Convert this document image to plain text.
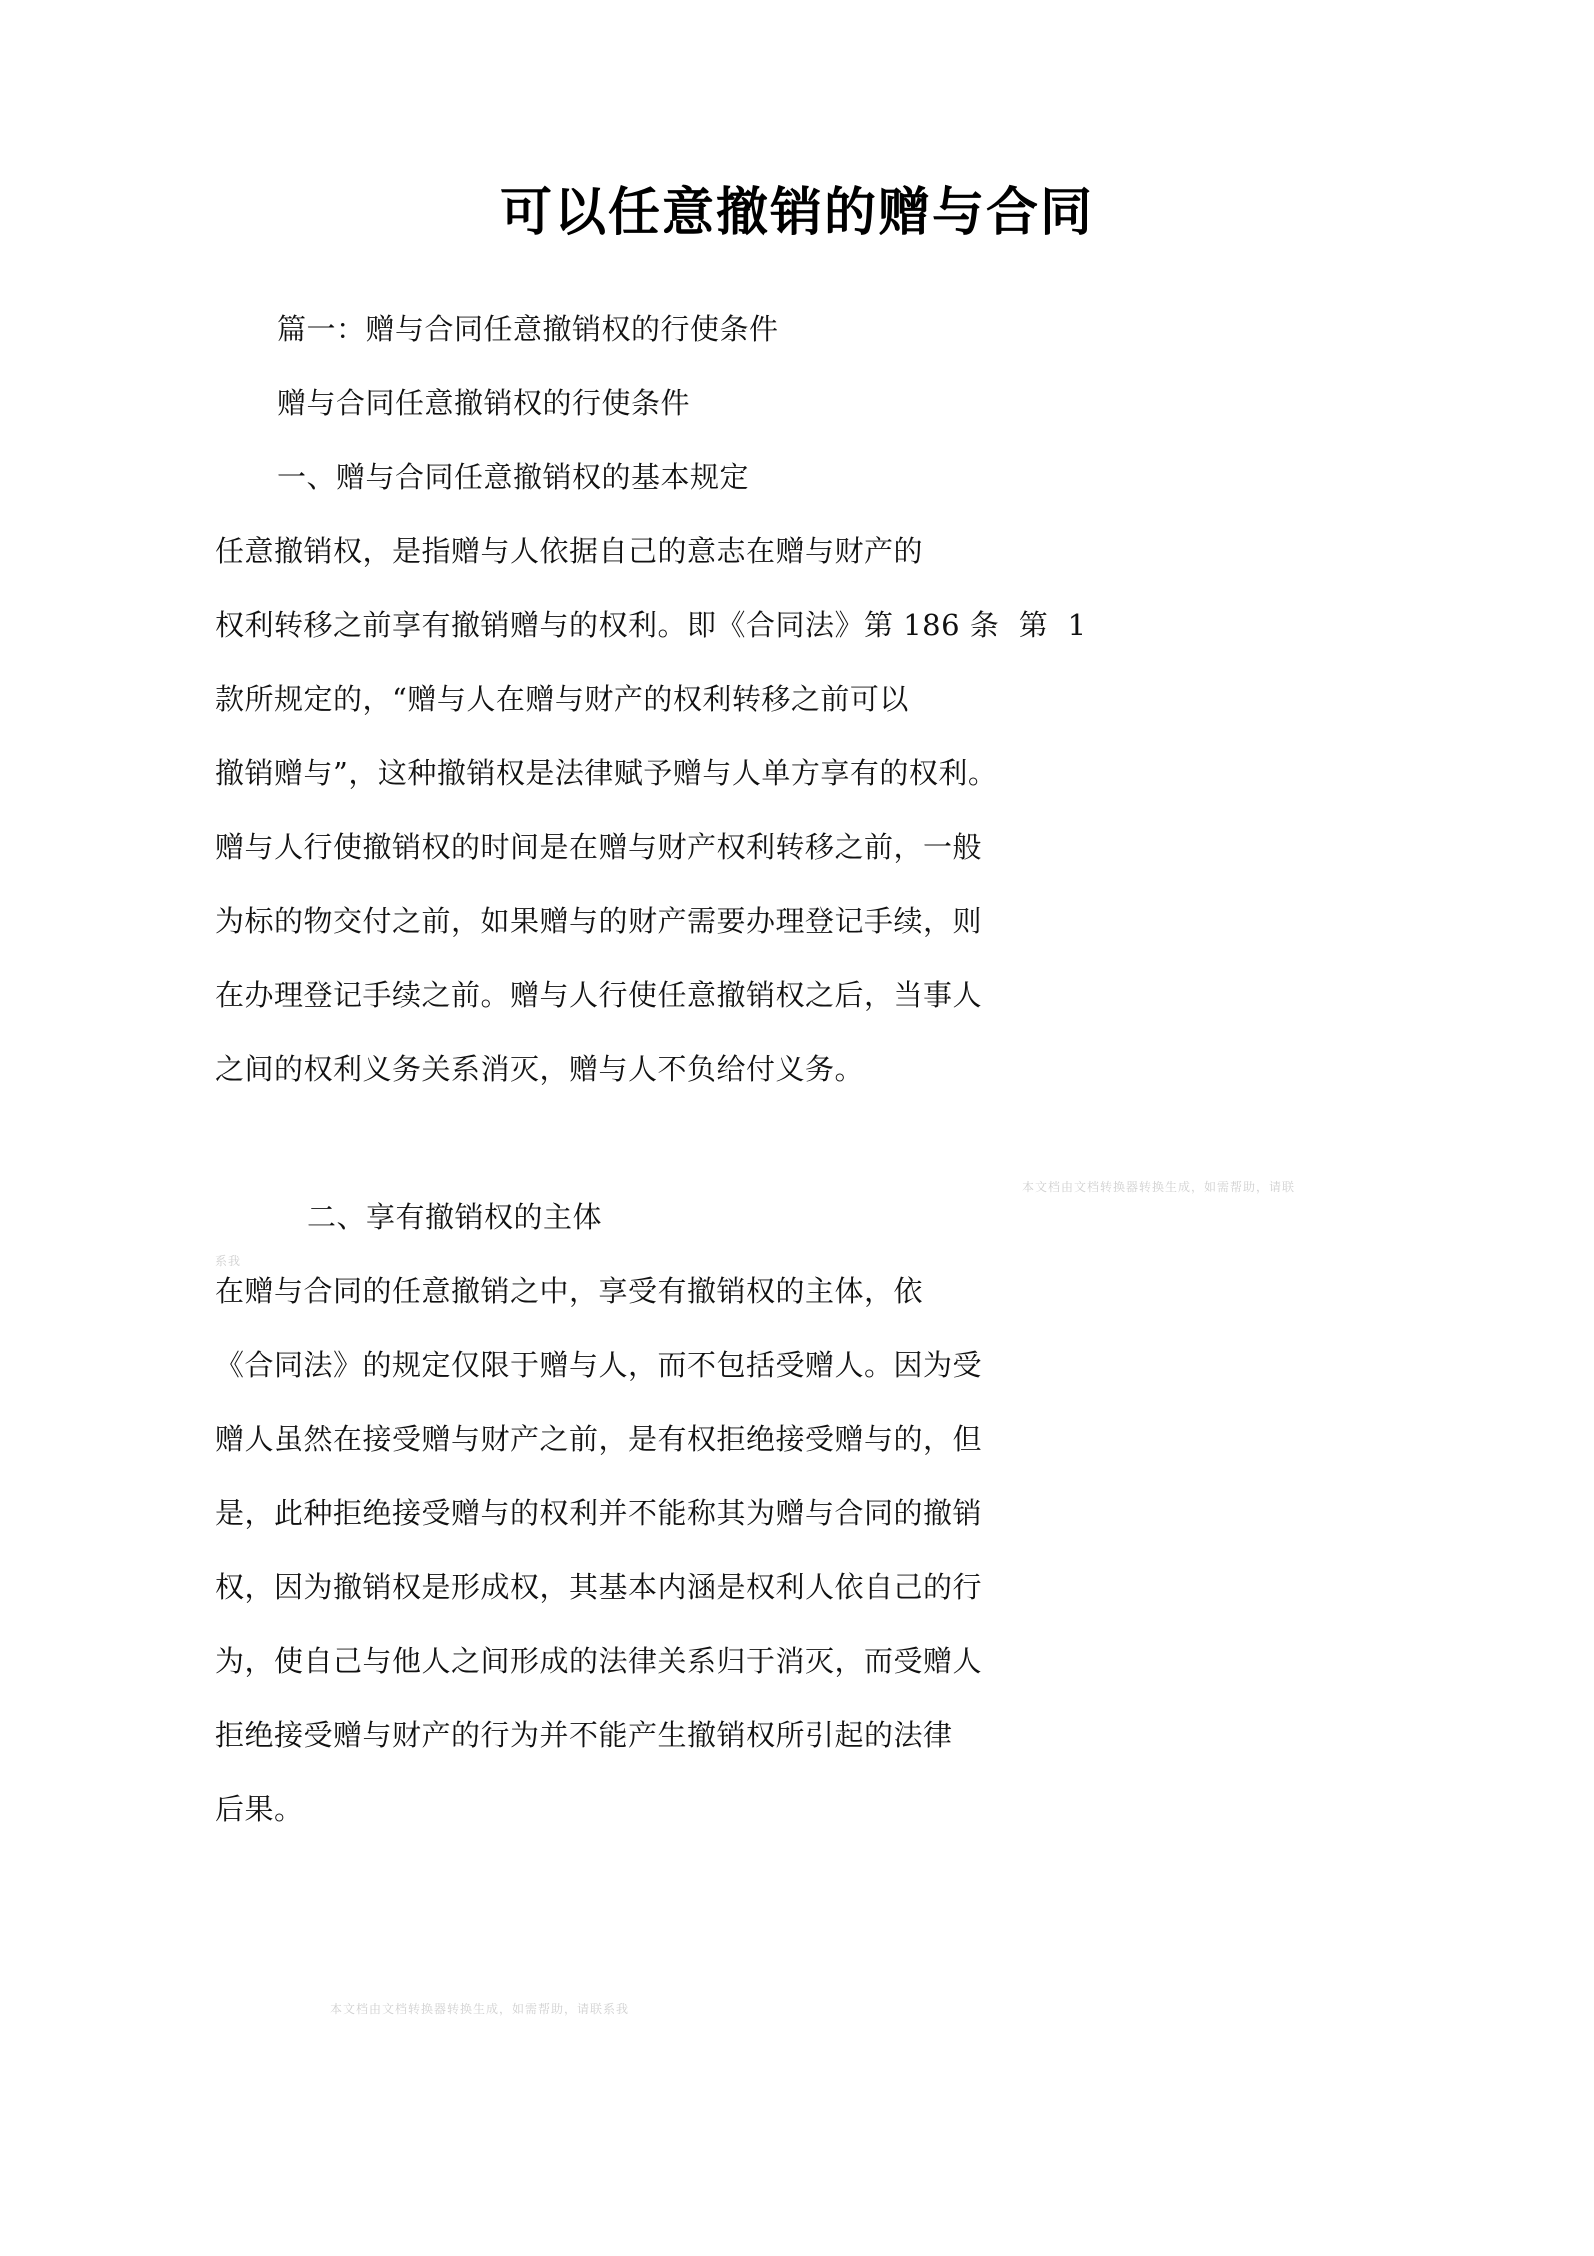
可以任意撤销的赠与合同

篇一：赠与合同任意撤销权的行使条件

赠与合同任意撤销权的行使条件

一、赠与合同任意撤销权的基本规定

任意撤销权，是指赠与人依据自己的意志在赠与财产的

权利转移之前享有撤销赠与的权利。即《合同法》第 186 条  第  1

款所规定的，“赠与人在赠与财产的权利转移之前可以

撤销赠与”，这种撤销权是法律赋予赠与人单方享有的权利。

赠与人行使撤销权的时间是在赠与财产权利转移之前，一般

为标的物交付之前，如果赠与的财产需要办理登记手续，则

在办理登记手续之前。赠与人行使任意撤销权之后，当事人

之间的权利义务关系消灭，赠与人不负给付义务。

二、享有撤销权的主体

在赠与合同的任意撤销之中，享受有撤销权的主体，依

《合同法》的规定仅限于赠与人，而不包括受赠人。因为受

赠人虽然在接受赠与财产之前，是有权拒绝接受赠与的，但

是，此种拒绝接受赠与的权利并不能称其为赠与合同的撤销

权，因为撤销权是形成权，其基本内涵是权利人依自己的行

为，使自己与他人之间形成的法律关系归于消灭，而受赠人

拒绝接受赠与财产的行为并不能产生撤销权所引起的法律

后果。

本文档由文档转换器转换生成，如需帮助，请联
系我
本文档由文档转换器转换生成，如需帮助，请联系我
